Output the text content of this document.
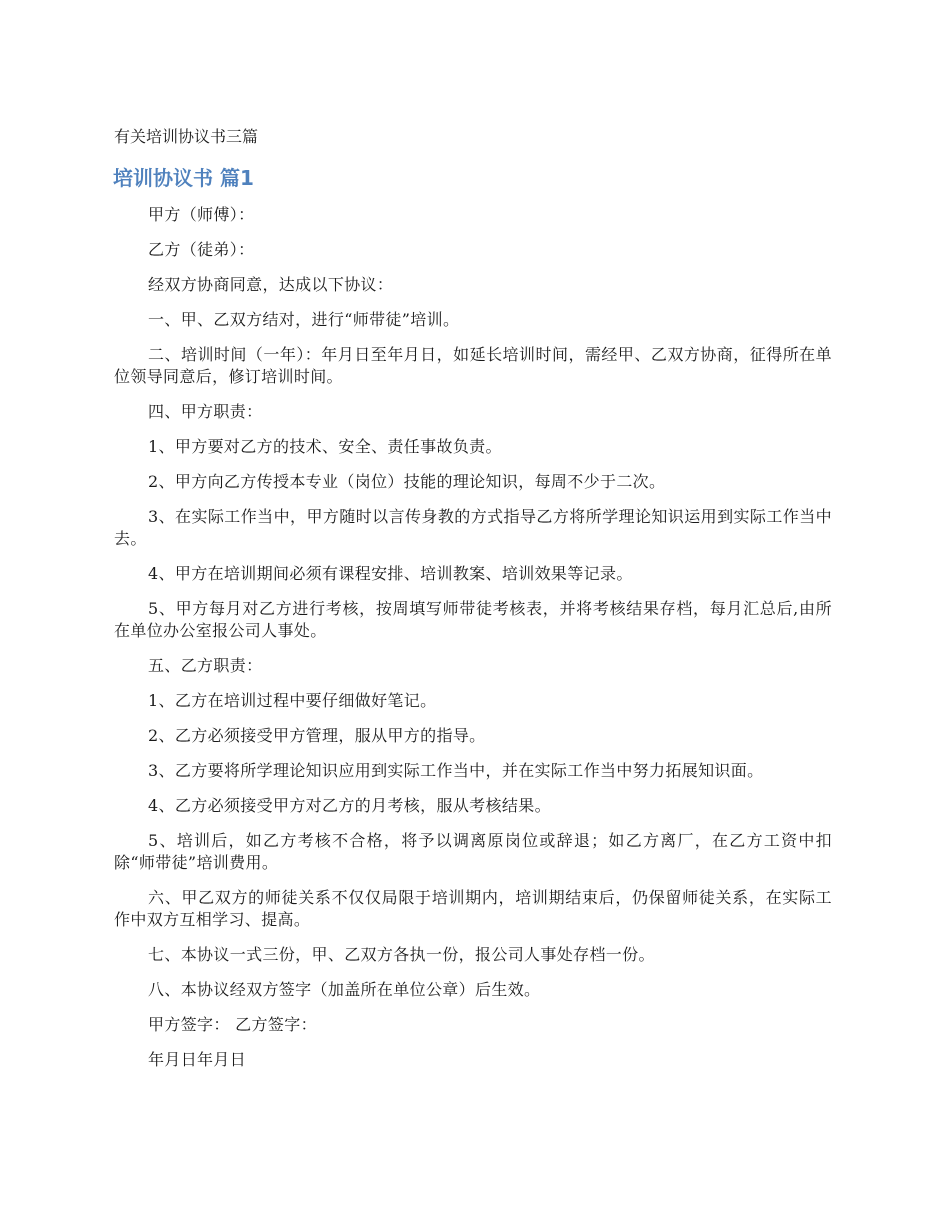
有关培训协议书三篇
培训协议书 篇1

甲方（师傅）：

乙方（徒弟）：

经双方协商同意，达成以下协议：

一、甲、乙双方结对，进行“师带徒”培训。

二、培训时间（一年）：年月日至年月日，如延长培训时间，需经甲、乙双方协商，征得所在单位领导同意后，修订培训时间。

四、甲方职责：

1、甲方要对乙方的技术、安全、责任事故负责。

2、甲方向乙方传授本专业（岗位）技能的理论知识，每周不少于二次。

3、在实际工作当中，甲方随时以言传身教的方式指导乙方将所学理论知识运用到实际工作当中去。

4、甲方在培训期间必须有课程安排、培训教案、培训效果等记录。

5、甲方每月对乙方进行考核，按周填写师带徒考核表，并将考核结果存档，每月汇总后,由所在单位办公室报公司人事处。

五、乙方职责：

1、乙方在培训过程中要仔细做好笔记。

2、乙方必须接受甲方管理，服从甲方的指导。

3、乙方要将所学理论知识应用到实际工作当中，并在实际工作当中努力拓展知识面。

4、乙方必须接受甲方对乙方的月考核，服从考核结果。

5、培训后，如乙方考核不合格，将予以调离原岗位或辞退；如乙方离厂，在乙方工资中扣除“师带徒”培训费用。

六、甲乙双方的师徒关系不仅仅局限于培训期内，培训期结束后，仍保留师徒关系，在实际工作中双方互相学习、提高。

七、本协议一式三份，甲、乙双方各执一份，报公司人事处存档一份。

八、本协议经双方签字（加盖所在单位公章）后生效。

甲方签字： 乙方签字：

年月日年月日
